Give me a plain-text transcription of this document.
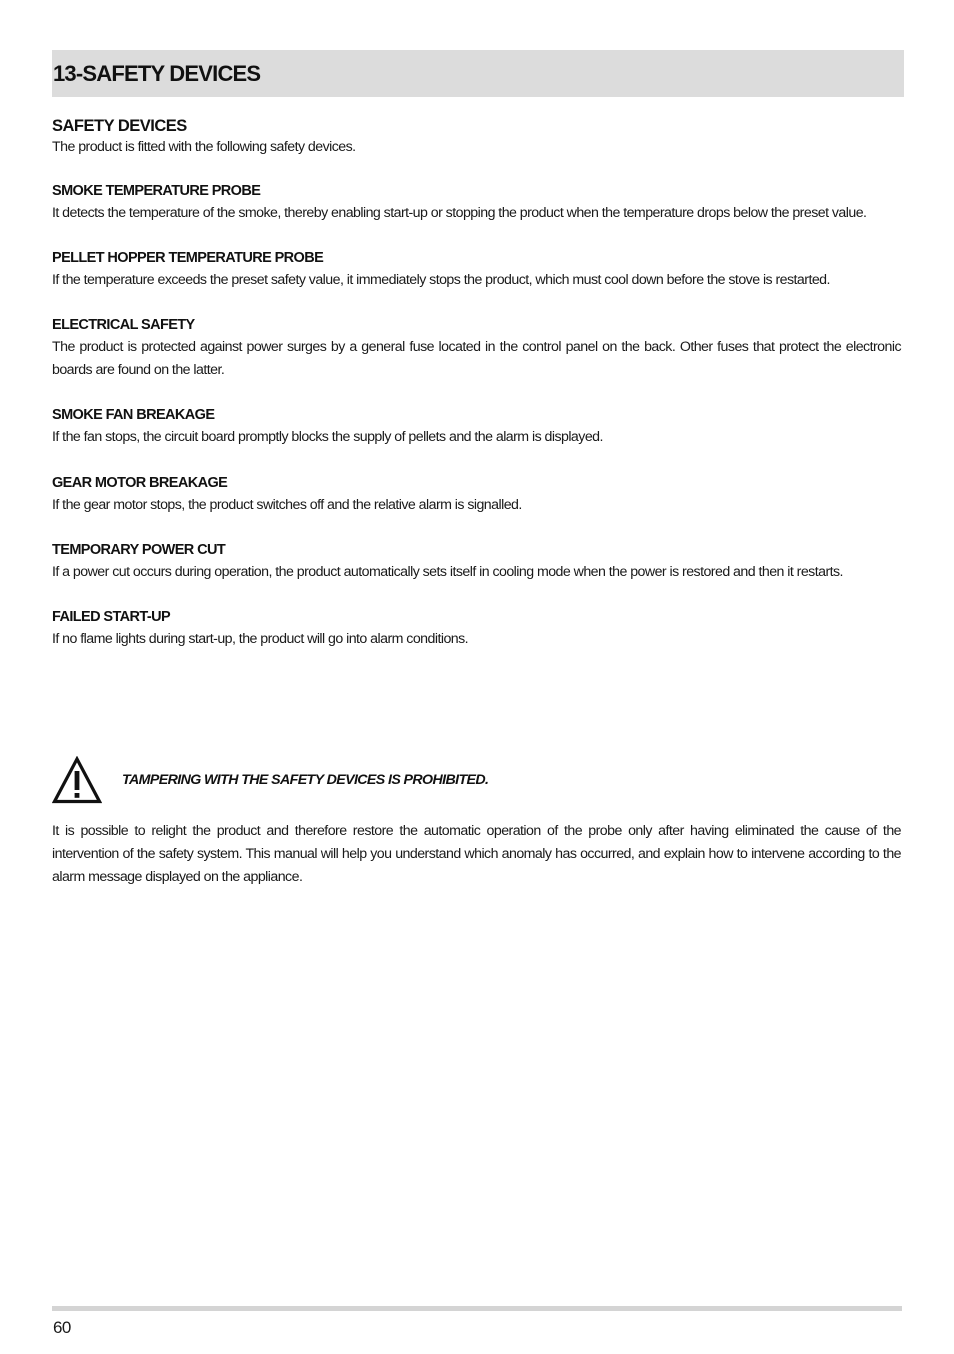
13-SAFETY DEVICES
SAFETY DEVICES
The product is fitted with the following safety devices.
SMOKE TEMPERATURE PROBE
It detects the temperature of the smoke, thereby enabling start-up or stopping the product when the temperature drops below the preset value.
PELLET HOPPER TEMPERATURE PROBE
If the temperature exceeds the preset safety value, it immediately stops the product, which must cool down before the stove is restarted.
ELECTRICAL SAFETY
The product is protected against power surges by a general fuse located in the control panel on the back. Other fuses that protect the electronic boards are found on the latter.
SMOKE FAN BREAKAGE
If the fan stops, the circuit board promptly blocks the supply of pellets and the alarm is displayed.
GEAR MOTOR BREAKAGE
If the gear motor stops, the product switches off and the relative alarm is signalled.
TEMPORARY POWER CUT
If a power cut occurs during operation, the product automatically sets itself in cooling mode when the power is restored and then it restarts.
FAILED START-UP
If no flame lights during start-up, the product will go into alarm conditions.
TAMPERING WITH THE SAFETY DEVICES IS PROHIBITED.
It is possible to relight the product and therefore restore the automatic operation of the probe only after having eliminated the cause of the intervention of the safety system. This manual will help you understand which anomaly has occurred, and explain how to intervene according to the alarm message displayed on the appliance.
60
